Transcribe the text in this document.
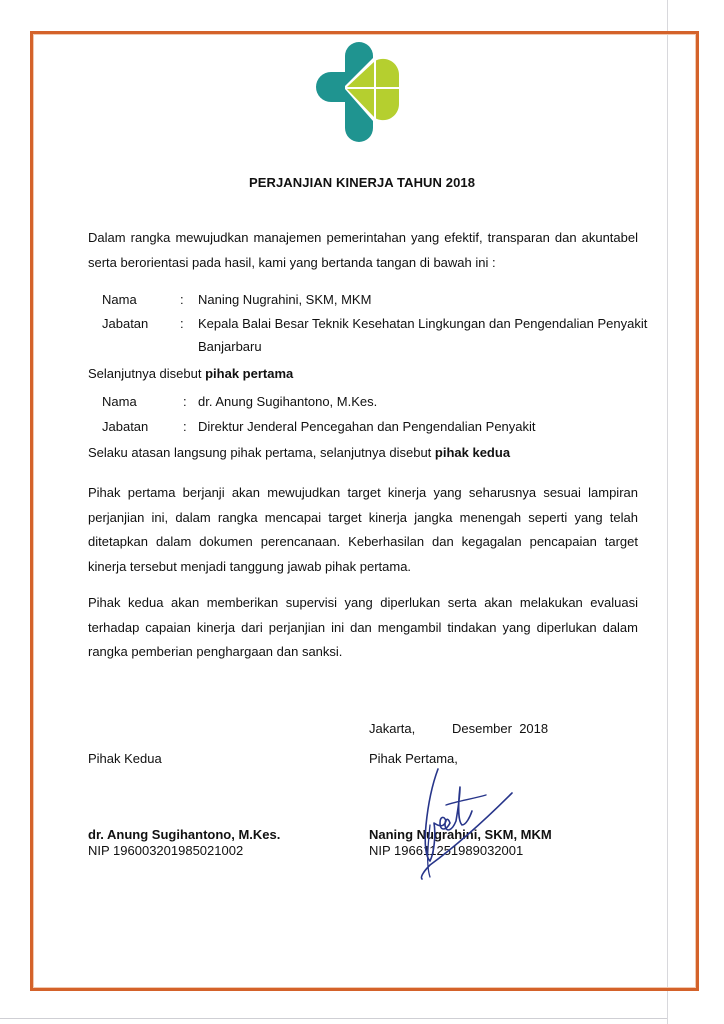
PERJANJIAN KINERJA TAHUN 2018
Dalam rangka mewujudkan manajemen pemerintahan yang efektif, transparan dan akuntabel serta berorientasi pada hasil, kami yang bertanda tangan di bawah ini :
Nama	: Naning Nugrahini, SKM, MKM
Jabatan : Kepala Balai Besar Teknik Kesehatan Lingkungan dan Pengendalian Penyakit
Banjarbaru
Selanjutnya disebut pihak pertama
Nama	: dr. Anung Sugihantono, M.Kes.
Jabatan	: Direktur Jenderal Pencegahan dan Pengendalian Penyakit
Selaku atasan langsung pihak pertama, selanjutnya disebut pihak kedua
Pihak pertama berjanji akan mewujudkan target kinerja yang seharusnya sesuai lampiran perjanjian ini, dalam rangka mencapai target kinerja jangka menengah seperti yang telah ditetapkan dalam dokumen perencanaan. Keberhasilan dan kegagalan pencapaian target kinerja tersebut menjadi tanggung jawab pihak pertama.
Pihak kedua akan memberikan supervisi yang diperlukan serta akan melakukan evaluasi terhadap capaian kinerja dari perjanjian ini dan mengambil tindakan yang diperlukan dalam rangka pemberian penghargaan dan sanksi.
Jakarta,	Desember  2018
Pihak Kedua	Pihak Pertama,
dr. Anung Sugihantono, M.Kes.
NIP 196003201985021002
Naning Nugrahini, SKM, MKM
NIP 196611251989032001
